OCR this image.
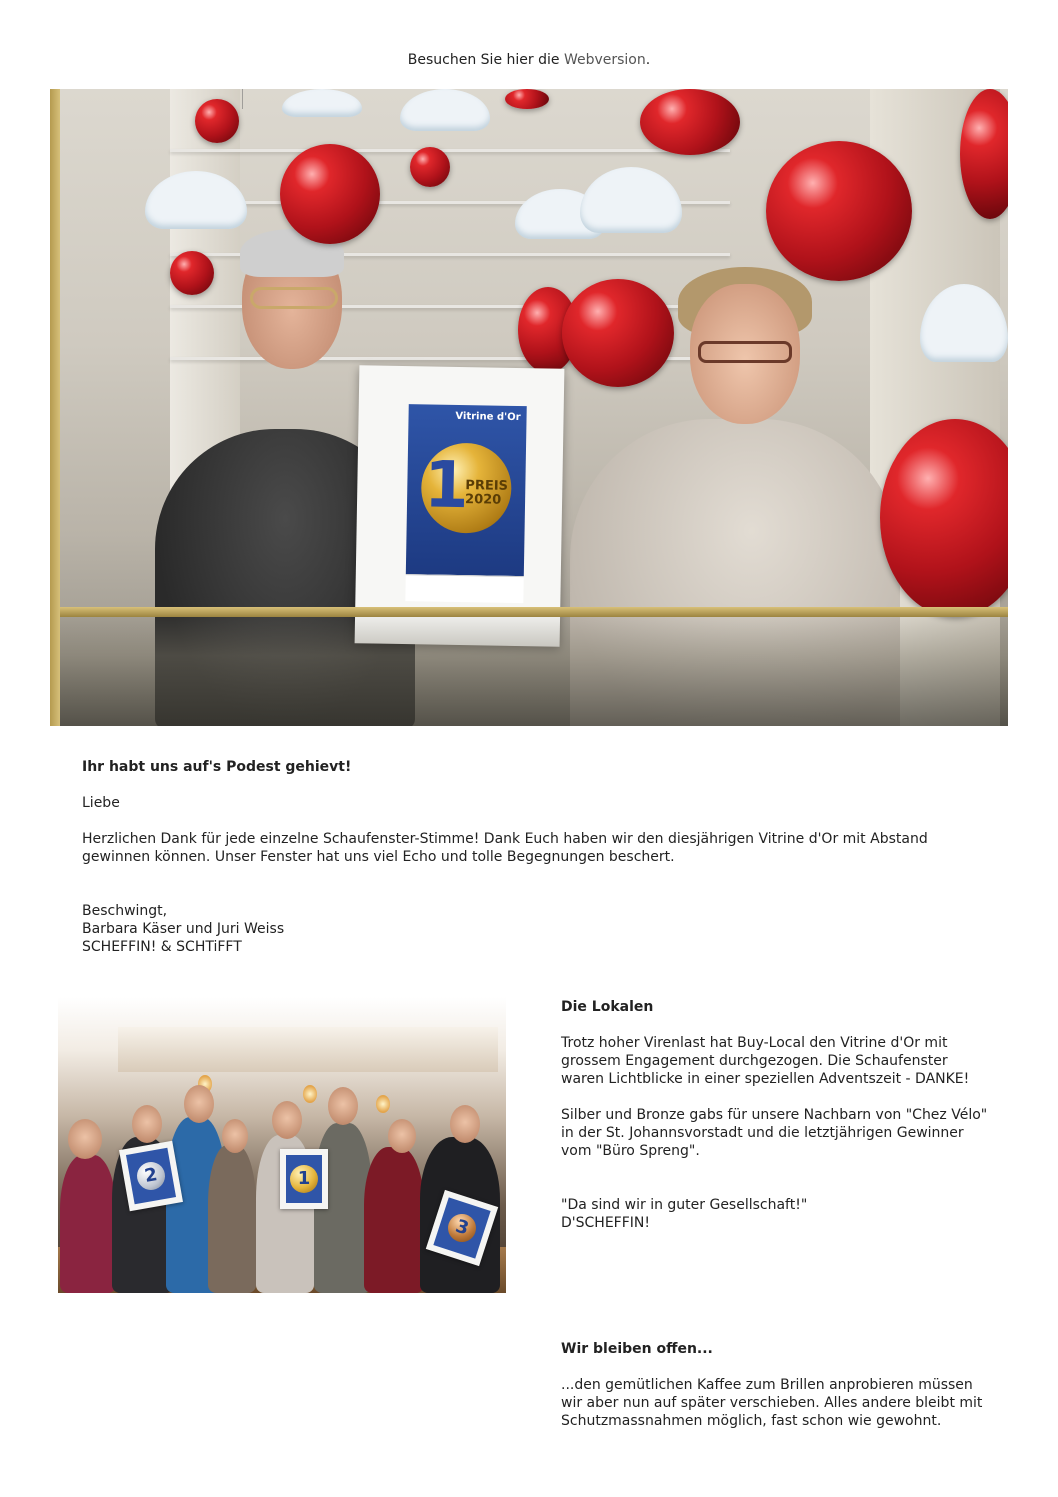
Besuchen Sie hier die Webversion.
Vitrine d'Or
1
PREIS
2020
Ihr habt uns auf's Podest gehievt!
Liebe
Herzlichen Dank für jede einzelne Schaufenster-Stimme! Dank Euch haben wir den diesjährigen Vitrine d'Or mit Abstand gewinnen können. Unser Fenster hat uns viel Echo und tolle Begegnungen beschert.
Beschwingt,
Barbara Käser und Juri Weiss
SCHEFFIN! & SCHTiFFT
2	1
3
Die Lokalen
Trotz hoher Virenlast hat Buy-Local den Vitrine d'Or mit grossem Engagement durchgezogen. Die Schaufenster waren Lichtblicke in einer speziellen Adventszeit - DANKE!
Silber und Bronze gabs für unsere Nachbarn von "Chez Vélo" in der St. Johannsvorstadt und die letztjährigen Gewinner vom "Büro Spreng".
"Da sind wir in guter Gesellschaft!"
D'SCHEFFIN!
Wir bleiben offen...
...den gemütlichen Kaffee zum Brillen anprobieren müssen wir aber nun auf später verschieben. Alles andere bleibt mit Schutzmassnahmen möglich, fast schon wie gewohnt.
